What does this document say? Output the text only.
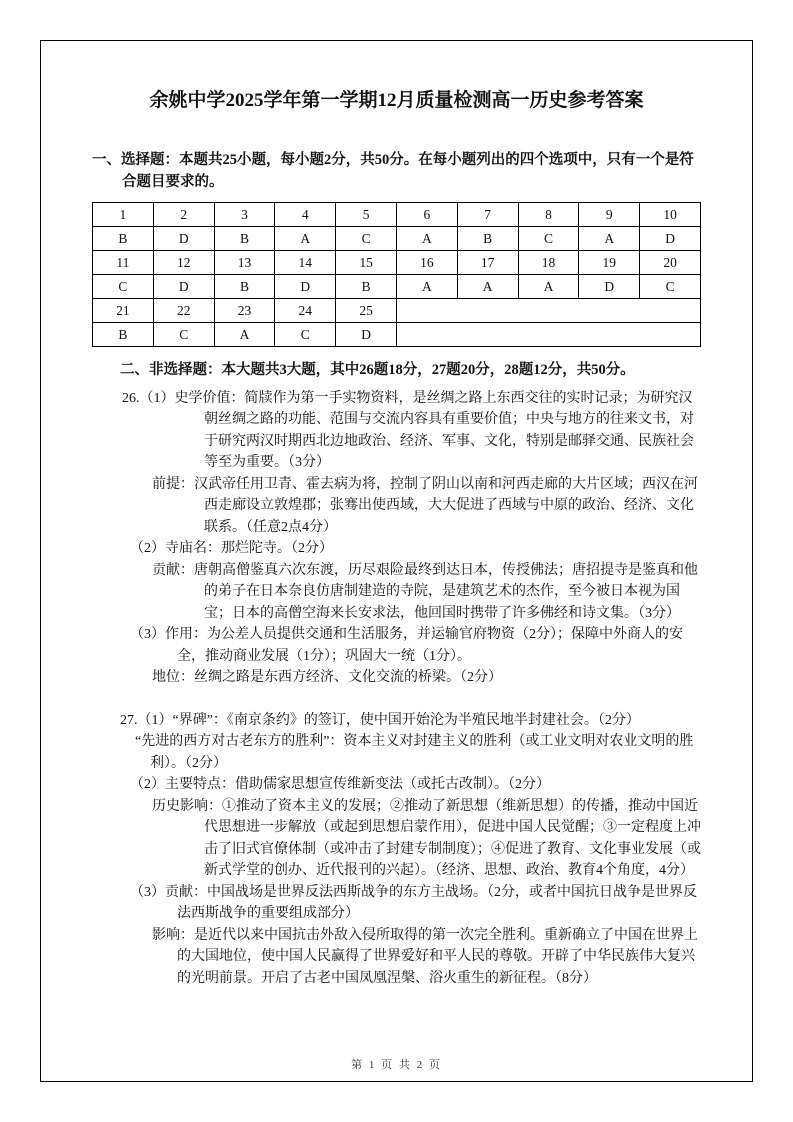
余姚中学2025学年第一学期12月质量检测高一历史参考答案

一、选择题：本题共25小题，每小题2分，共50分。在每小题列出的四个选项中，只有一个是符合题目要求的。

1	2	3	4	5	6	7	8	9	10
B	D	B	A	C	A	B	C	A	D
11	12	13	14	15	16	17	18	19	20
C	D	B	D	B	A	A	A	D	C
21	22	23	24	25					
B	C	A	C	D					

二、非选择题：本大题共3大题，其中26题18分，27题20分，28题12分，共50分。

26.（1）史学价值：简牍作为第一手实物资料，是丝绸之路上东西交往的实时记录；为研究汉朝丝绸之路的功能、范围与交流内容具有重要价值；中央与地方的往来文书，对于研究两汉时期西北边地政治、经济、军事、文化，特别是邮驿交通、民族社会等至为重要。（3分）

前提：汉武帝任用卫青、霍去病为将，控制了阴山以南和河西走廊的大片区域；西汉在河西走廊设立敦煌郡；张骞出使西域，大大促进了西域与中原的政治、经济、文化联系。（任意2点4分）

（2）寺庙名：那烂陀寺。（2分）

贡献：唐朝高僧鉴真六次东渡，历尽艰险最终到达日本，传授佛法；唐招提寺是鉴真和他的弟子在日本奈良仿唐制建造的寺院，是建筑艺术的杰作，至今被日本视为国宝；日本的高僧空海来长安求法，他回国时携带了许多佛经和诗文集。（3分）

（3）作用：为公差人员提供交通和生活服务，并运输官府物资（2分）；保障中外商人的安全，推动商业发展（1分）；巩固大一统（1分）。

地位：丝绸之路是东西方经济、文化交流的桥梁。（2分）

27.（1）“界碑”：《南京条约》的签订，使中国开始沦为半殖民地半封建社会。（2分）

“先进的西方对古老东方的胜利”：资本主义对封建主义的胜利（或工业文明对农业文明的胜利）。（2分）

（2）主要特点：借助儒家思想宣传维新变法（或托古改制）。（2分）

历史影响：①推动了资本主义的发展；②推动了新思想（维新思想）的传播，推动中国近代思想进一步解放（或起到思想启蒙作用），促进中国人民觉醒；③一定程度上冲击了旧式官僚体制（或冲击了封建专制制度）；④促进了教育、文化事业发展（或新式学堂的创办、近代报刊的兴起）。（经济、思想、政治、教育4个角度，4分）

（3）贡献：中国战场是世界反法西斯战争的东方主战场。（2分，或者中国抗日战争是世界反法西斯战争的重要组成部分）

影响：是近代以来中国抗击外敌入侵所取得的第一次完全胜利。重新确立了中国在世界上的大国地位，使中国人民赢得了世界爱好和平人民的尊敬。开辟了中华民族伟大复兴的光明前景。开启了古老中国凤凰涅槃、浴火重生的新征程。（8分）

第 1 页 共 2 页
